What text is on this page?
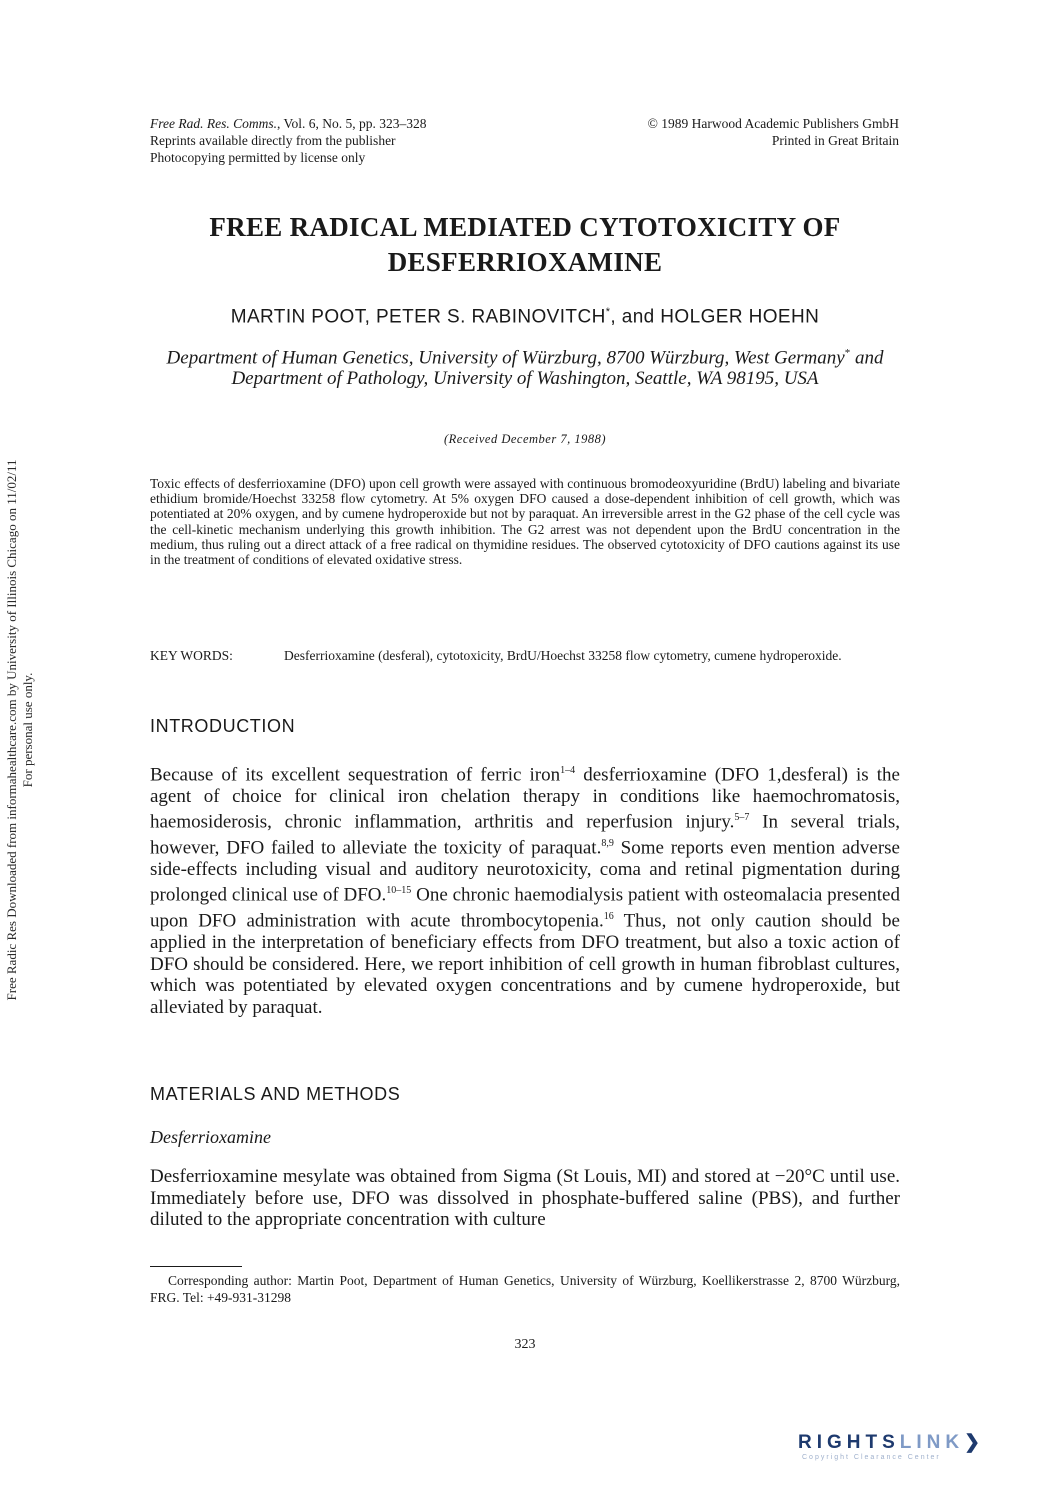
Free Rad. Res. Comms., Vol. 6, No. 5, pp. 323–328
Reprints available directly from the publisher
Photocopying permitted by license only
© 1989 Harwood Academic Publishers GmbH
Printed in Great Britain
FREE RADICAL MEDIATED CYTOTOXICITY OF
DESFERRIOXAMINE
MARTIN POOT, PETER S. RABINOVITCH*, and HOLGER HOEHN
Department of Human Genetics, University of Würzburg, 8700 Würzburg, West Germany* and Department of Pathology, University of Washington, Seattle, WA 98195, USA
(Received December 7, 1988)
Toxic effects of desferrioxamine (DFO) upon cell growth were assayed with continuous bromodeoxyuridine (BrdU) labeling and bivariate ethidium bromide/Hoechst 33258 flow cytometry. At 5% oxygen DFO caused a dose-dependent inhibition of cell growth, which was potentiated at 20% oxygen, and by cumene hydroperoxide but not by paraquat. An irreversible arrest in the G2 phase of the cell cycle was the cell-kinetic mechanism underlying this growth inhibition. The G2 arrest was not dependent upon the BrdU concentration in the medium, thus ruling out a direct attack of a free radical on thymidine residues. The observed cytotoxicity of DFO cautions against its use in the treatment of conditions of elevated oxidative stress.
KEY WORDS:	Desferrioxamine (desferal), cytotoxicity, BrdU/Hoechst 33258 flow cytometry, cumene hydroperoxide.
INTRODUCTION
Because of its excellent sequestration of ferric iron$^{1-4}$ desferrioxamine (DFO 1,desferal) is the agent of choice for clinical iron chelation therapy in conditions like haemochromatosis, haemosiderosis, chronic inflammation, arthritis and reperfusion injury.$^{5-7}$ In several trials, however, DFO failed to alleviate the toxicity of paraquat.$^{8,9}$ Some reports even mention adverse side-effects including visual and auditory neurotoxicity, coma and retinal pigmentation during prolonged clinical use of DFO.$^{10-15}$ One chronic haemodialysis patient with osteomalacia presented upon DFO administration with acute thrombocytopenia.$^{16}$ Thus, not only caution should be applied in the interpretation of beneficiary effects from DFO treatment, but also a toxic action of DFO should be considered. Here, we report inhibition of cell growth in human fibroblast cultures, which was potentiated by elevated oxygen concentrations and by cumene hydroperoxide, but alleviated by paraquat.
MATERIALS AND METHODS
Desferrioxamine
Desferrioxamine mesylate was obtained from Sigma (St Louis, MI) and stored at −20°C until use. Immediately before use, DFO was dissolved in phosphate-buffered saline (PBS), and further diluted to the appropriate concentration with culture
Corresponding author: Martin Poot, Department of Human Genetics, University of Würzburg, Koellikerstrasse 2, 8700 Würzburg, FRG. Tel: +49-931-31298
323
Free Radic Res Downloaded from informahealthcare.com by University of Illinois Chicago on 11/02/11 For personal use only.
RIGHTSLINK❯
Copyright Clearance Center
